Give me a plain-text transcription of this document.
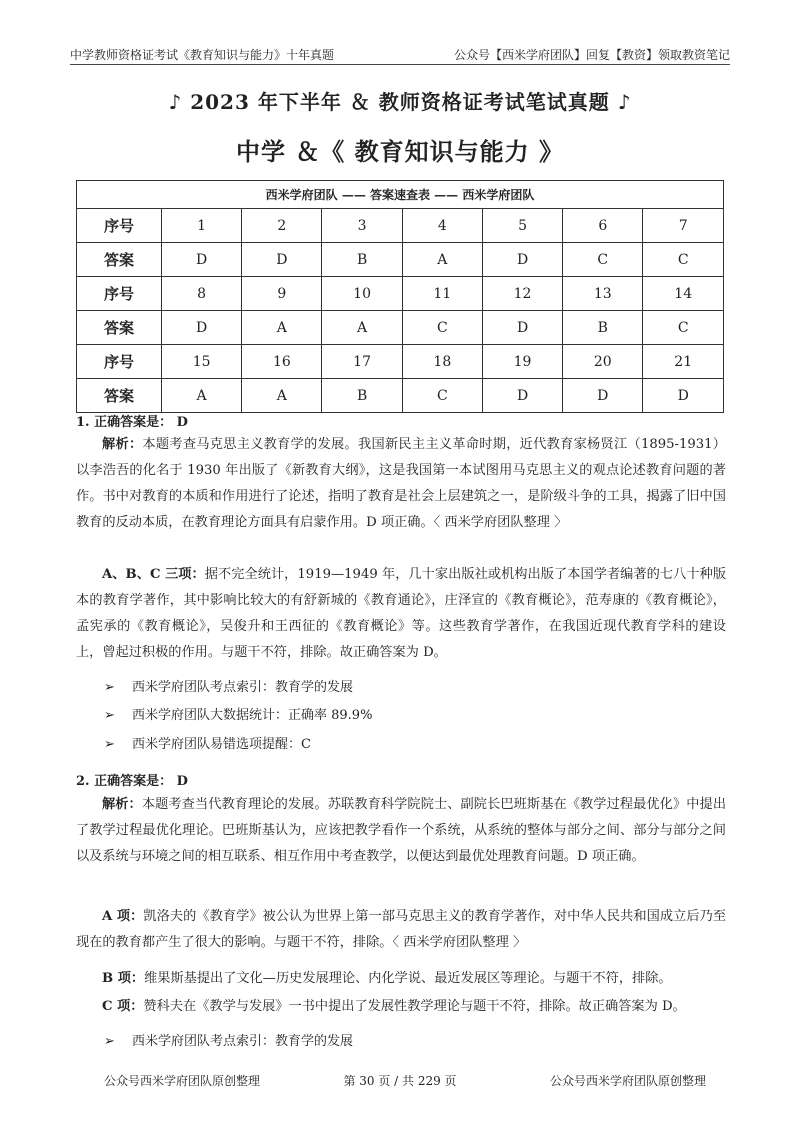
中学教师资格证考试《教育知识与能力》十年真题	公众号【西米学府团队】回复【教资】领取教资笔记
♪ 2023 年下半年 ＆ 教师资格证考试笔试真题 ♪
中学 ＆《 教育知识与能力 》
西米学府团队 —— 答案速查表 —— 西米学府团队							
序号	1	2	3	4	5	6	7
答案	D	D	B	A	D	C	C
序号	8	9	10	11	12	13	14
答案	D	A	A	C	D	B	C
序号	15	16	17	18	19	20	21
答案	A	A	B	C	D	D	D
1. 正确答案是： D

解析：本题考查马克思主义教育学的发展。我国新民主主义革命时期，近代教育家杨贤江（1895-1931）以李浩吾的化名于 1930 年出版了《新教育大纲》，这是我国第一本试图用马克思主义的观点论述教育问题的著作。书中对教育的本质和作用进行了论述，指明了教育是社会上层建筑之一，是阶级斗争的工具，揭露了旧中国教育的反动本质，在教育理论方面具有启蒙作用。D 项正确。〈 西米学府团队整理 〉

A、B、C 三项：据不完全统计，1919—1949 年，几十家出版社或机构出版了本国学者编著的七八十种版本的教育学著作，其中影响比较大的有舒新城的《教育通论》，庄泽宣的《教育概论》，范寿康的《教育概论》，孟宪承的《教育概论》，吴俊升和王西征的《教育概论》等。这些教育学著作，在我国近现代教育学科的建设上，曾起过积极的作用。与题干不符，排除。故正确答案为 D。

➢ 西米学府团队考点索引：教育学的发展
➢ 西米学府团队大数据统计：正确率 89.9%
➢ 西米学府团队易错选项提醒：C
2. 正确答案是： D

解析：本题考查当代教育理论的发展。苏联教育科学院院士、副院长巴班斯基在《教学过程最优化》中提出了教学过程最优化理论。巴班斯基认为，应该把教学看作一个系统，从系统的整体与部分之间、部分与部分之间以及系统与环境之间的相互联系、相互作用中考查教学，以便达到最优处理教育问题。D 项正确。

A 项：凯洛夫的《教育学》被公认为世界上第一部马克思主义的教育学著作，对中华人民共和国成立后乃至现在的教育都产生了很大的影响。与题干不符，排除。〈 西米学府团队整理 〉

B 项：维果斯基提出了文化—历史发展理论、内化学说、最近发展区等理论。与题干不符，排除。

C 项：赞科夫在《教学与发展》一书中提出了发展性教学理论与题干不符，排除。故正确答案为 D。

➢ 西米学府团队考点索引：教育学的发展
公众号西米学府团队原创整理	第 30 页 / 共 229 页	公众号西米学府团队原创整理
